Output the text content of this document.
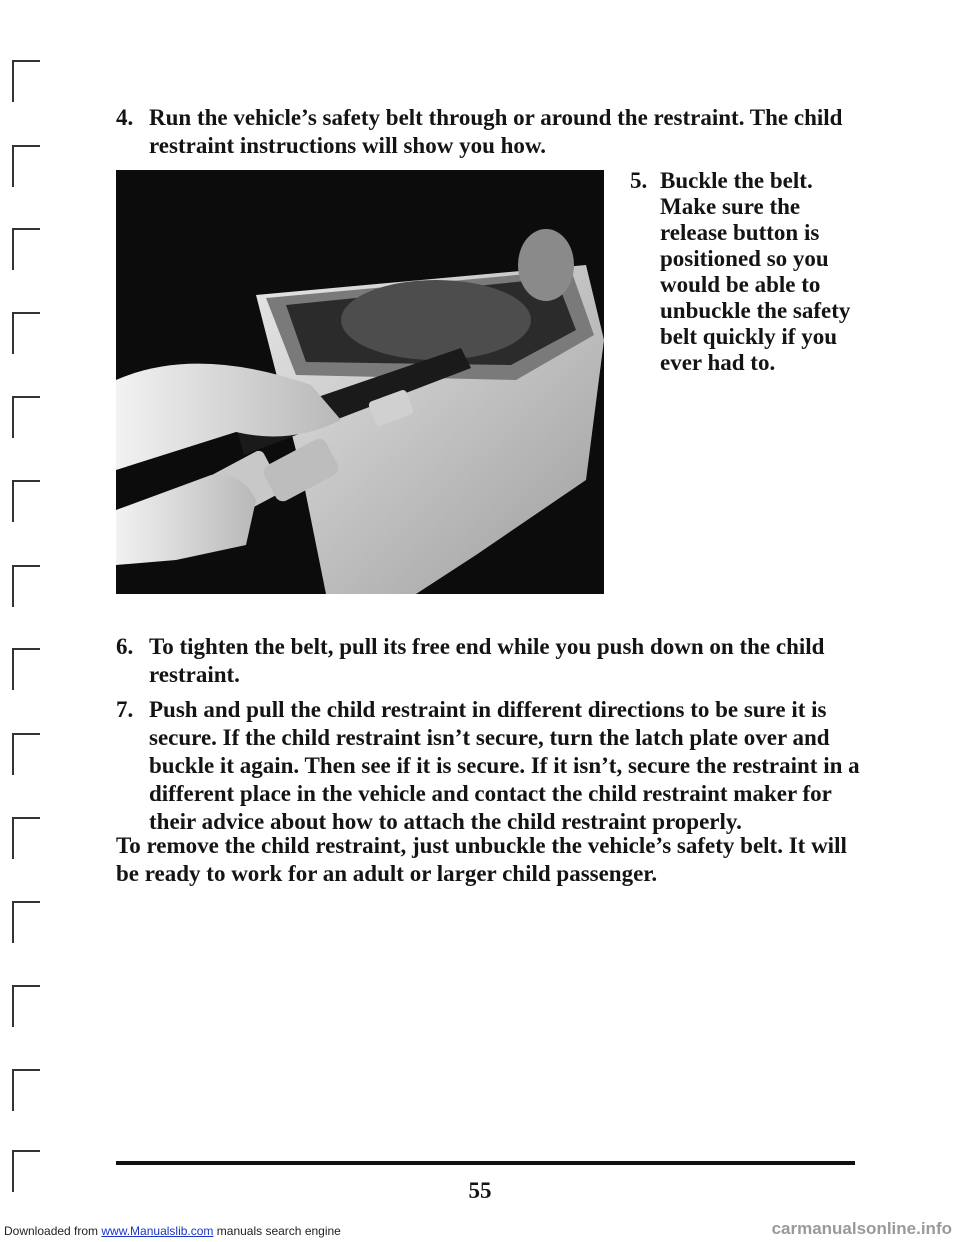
4. Run the vehicle’s safety belt through or around the restraint. The child restraint instructions will show you how.
5. Buckle the belt. Make sure the release button is positioned so you would be able to unbuckle the safety belt quickly if you ever had to.
6. To tighten the belt, pull its free end while you push down on the child restraint.
7. Push and pull the child restraint in different directions to be sure it is secure. If the child restraint isn’t secure, turn the latch plate over and buckle it again. Then see if it is secure. If it isn’t, secure the restraint in a different place in the vehicle and contact the child restraint maker for their advice about how to attach the child restraint properly.
To remove the child restraint, just unbuckle the vehicle’s safety belt. It will be ready to work for an adult or larger child passenger.
55
Downloaded from www.Manualslib.com manuals search engine	carmanualsonline.info
